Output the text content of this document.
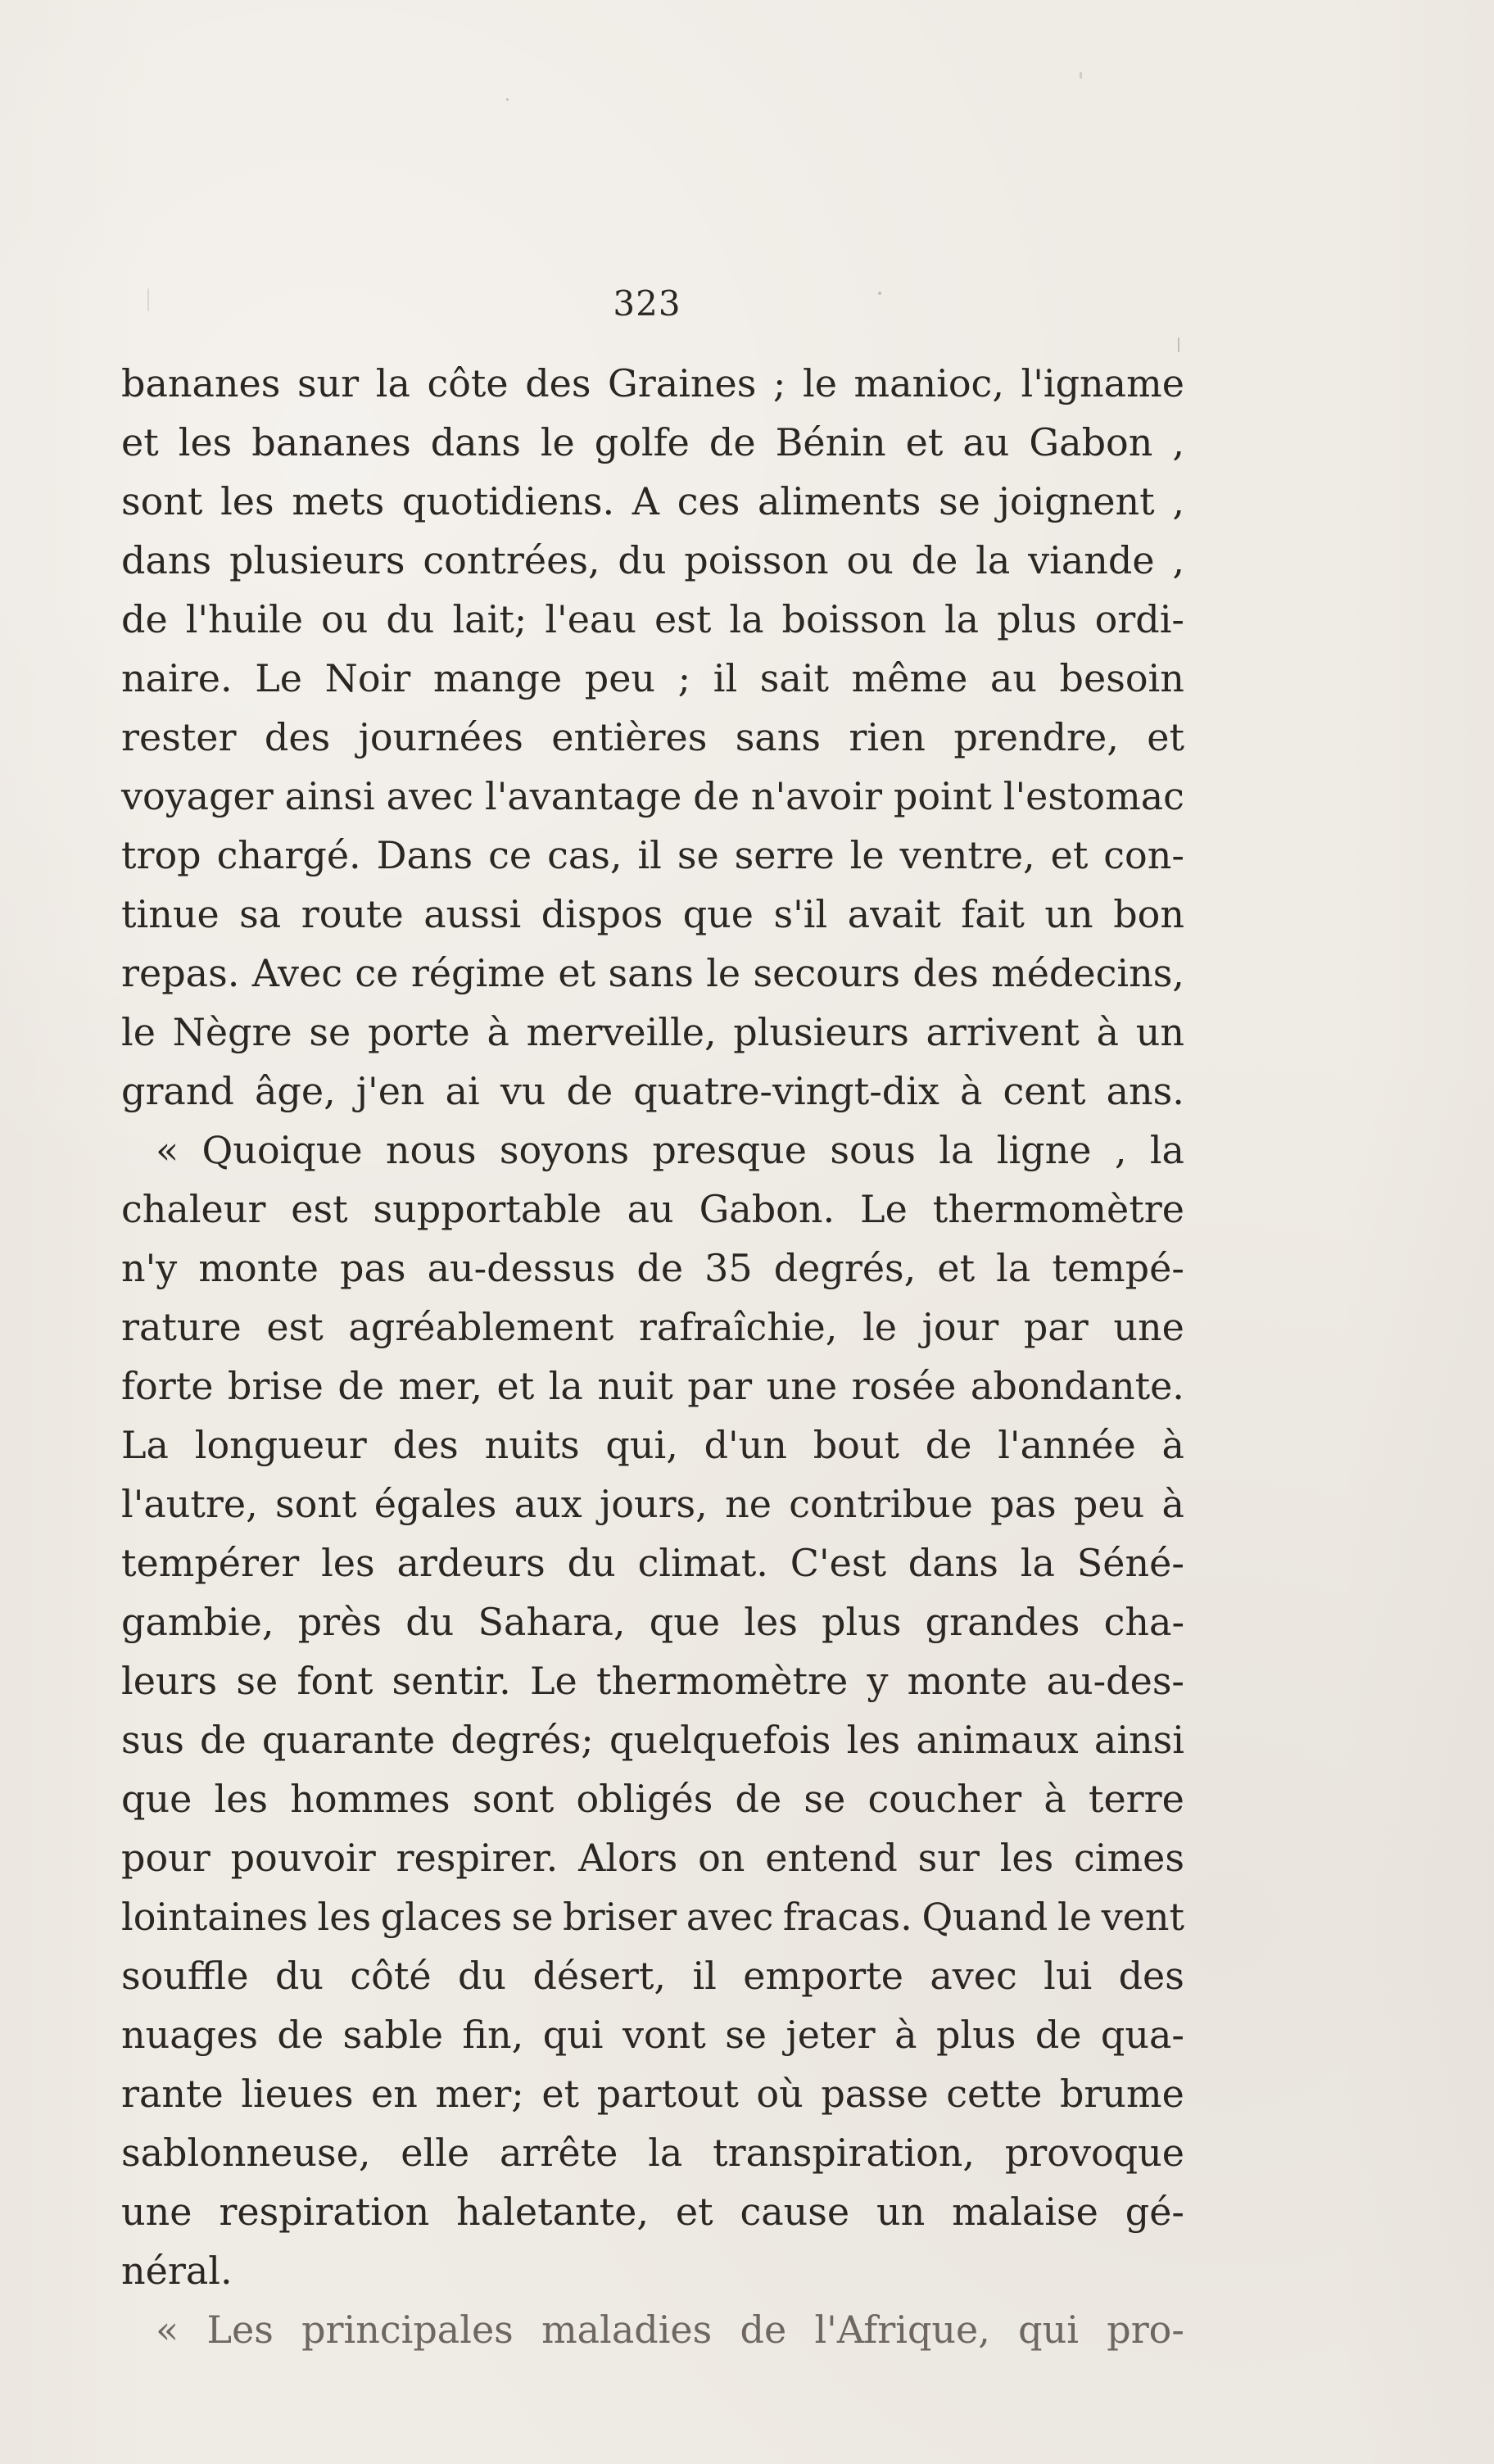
323
bananes sur la côte des Graines ; le manioc, l'igname
et les bananes dans le golfe de Bénin et au Gabon ,
sont les mets quotidiens. A ces aliments se joignent ,
dans plusieurs contrées, du poisson ou de la viande ,
de l'huile ou du lait; l'eau est la boisson la plus ordi-
naire. Le Noir mange peu ; il sait même au besoin
rester des journées entières sans rien prendre, et
voyager ainsi avec l'avantage de n'avoir point l'estomac
trop chargé. Dans ce cas, il se serre le ventre, et con-
tinue sa route aussi dispos que s'il avait fait un bon
repas. Avec ce régime et sans le secours des médecins,
le Nègre se porte à merveille, plusieurs arrivent à un
grand âge, j'en ai vu de quatre-vingt-dix à cent ans.
« Quoique nous soyons presque sous la ligne , la
chaleur est supportable au Gabon. Le thermomètre
n'y monte pas au-dessus de 35 degrés, et la tempé-
rature est agréablement rafraîchie, le jour par une
forte brise de mer, et la nuit par une rosée abondante.
La longueur des nuits qui, d'un bout de l'année à
l'autre, sont égales aux jours, ne contribue pas peu à
tempérer les ardeurs du climat. C'est dans la Séné-
gambie, près du Sahara, que les plus grandes cha-
leurs se font sentir. Le thermomètre y monte au-des-
sus de quarante degrés; quelquefois les animaux ainsi
que les hommes sont obligés de se coucher à terre
pour pouvoir respirer. Alors on entend sur les cimes
lointaines les glaces se briser avec fracas. Quand le vent
souffle du côté du désert, il emporte avec lui des
nuages de sable fin, qui vont se jeter à plus de qua-
rante lieues en mer; et partout où passe cette brume
sablonneuse, elle arrête la transpiration, provoque
une respiration haletante, et cause un malaise gé-
néral.
« Les principales maladies de l'Afrique, qui pro-
